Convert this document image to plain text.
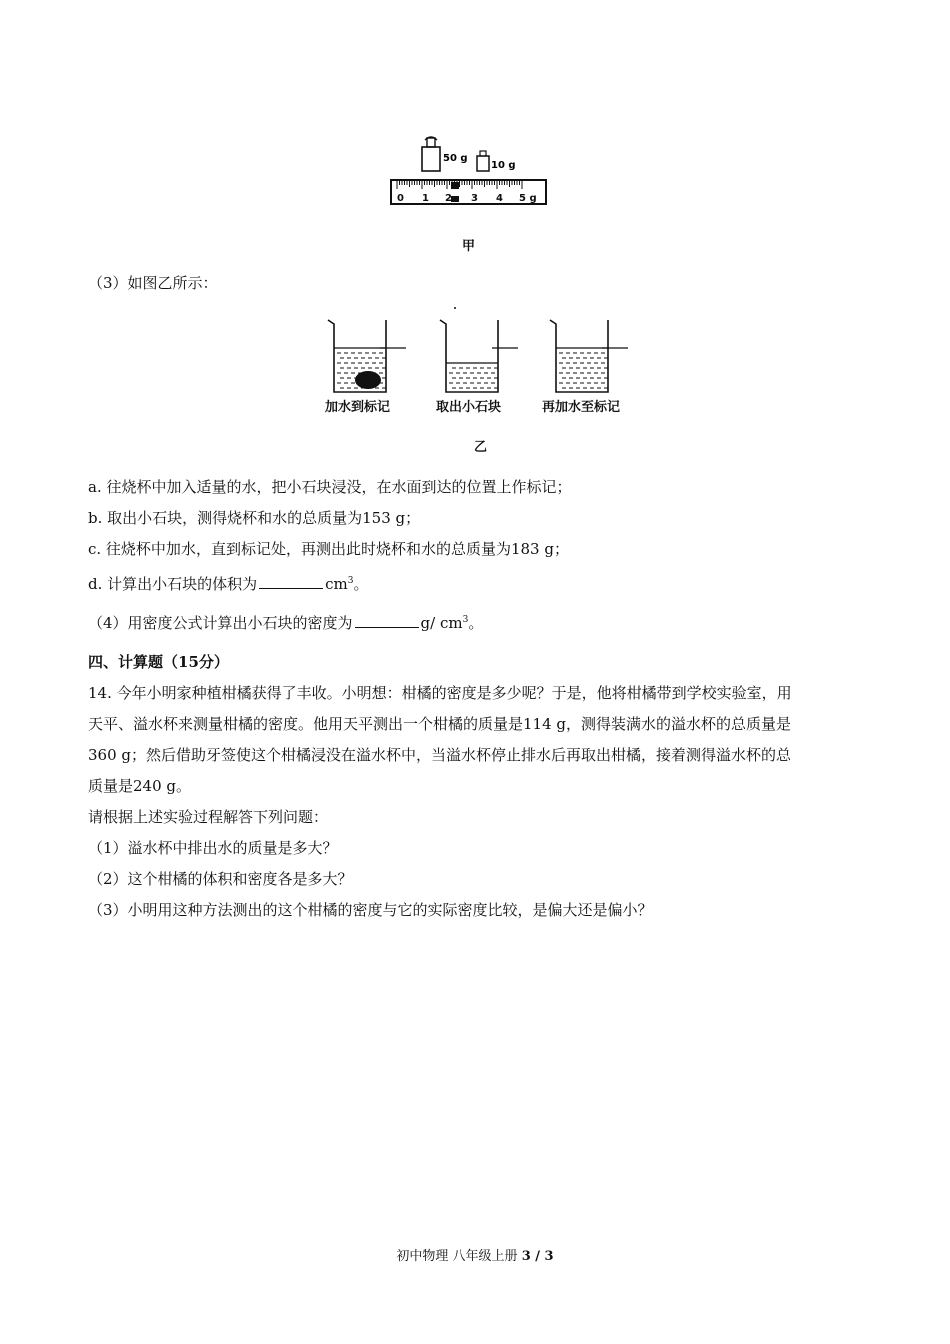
50 g
10 g
0 1 2 3 4 5 g
甲
（3）如图乙所示：
加水到标记	取出小石块	再加水至标记
乙
a. 往烧杯中加入适量的水，把小石块浸没，在水面到达的位置上作标记；
b. 取出小石块，测得烧杯和水的总质量为153 g；
c. 往烧杯中加水，直到标记处，再测出此时烧杯和水的总质量为183 g；
d. 计算出小石块的体积为	$cm^3$。
（4）用密度公式计算出小石块的密度为	g/ $cm^3$。
四、计算题（15分）
14. 今年小明家种植柑橘获得了丰收。小明想：柑橘的密度是多少呢？于是，他将柑橘带到学校实验室，用
天平、溢水杯来测量柑橘的密度。他用天平测出一个柑橘的质量是114 g，测得装满水的溢水杯的总质量是
360 g；然后借助牙签使这个柑橘浸没在溢水杯中，当溢水杯停止排水后再取出柑橘，接着测得溢水杯的总
质量是240 g。
请根据上述实验过程解答下列问题：
（1）溢水杯中排出水的质量是多大？
（2）这个柑橘的体积和密度各是多大？
（3）小明用这种方法测出的这个柑橘的密度与它的实际密度比较，是偏大还是偏小？
初中物理 八年级上册 3 / 3
